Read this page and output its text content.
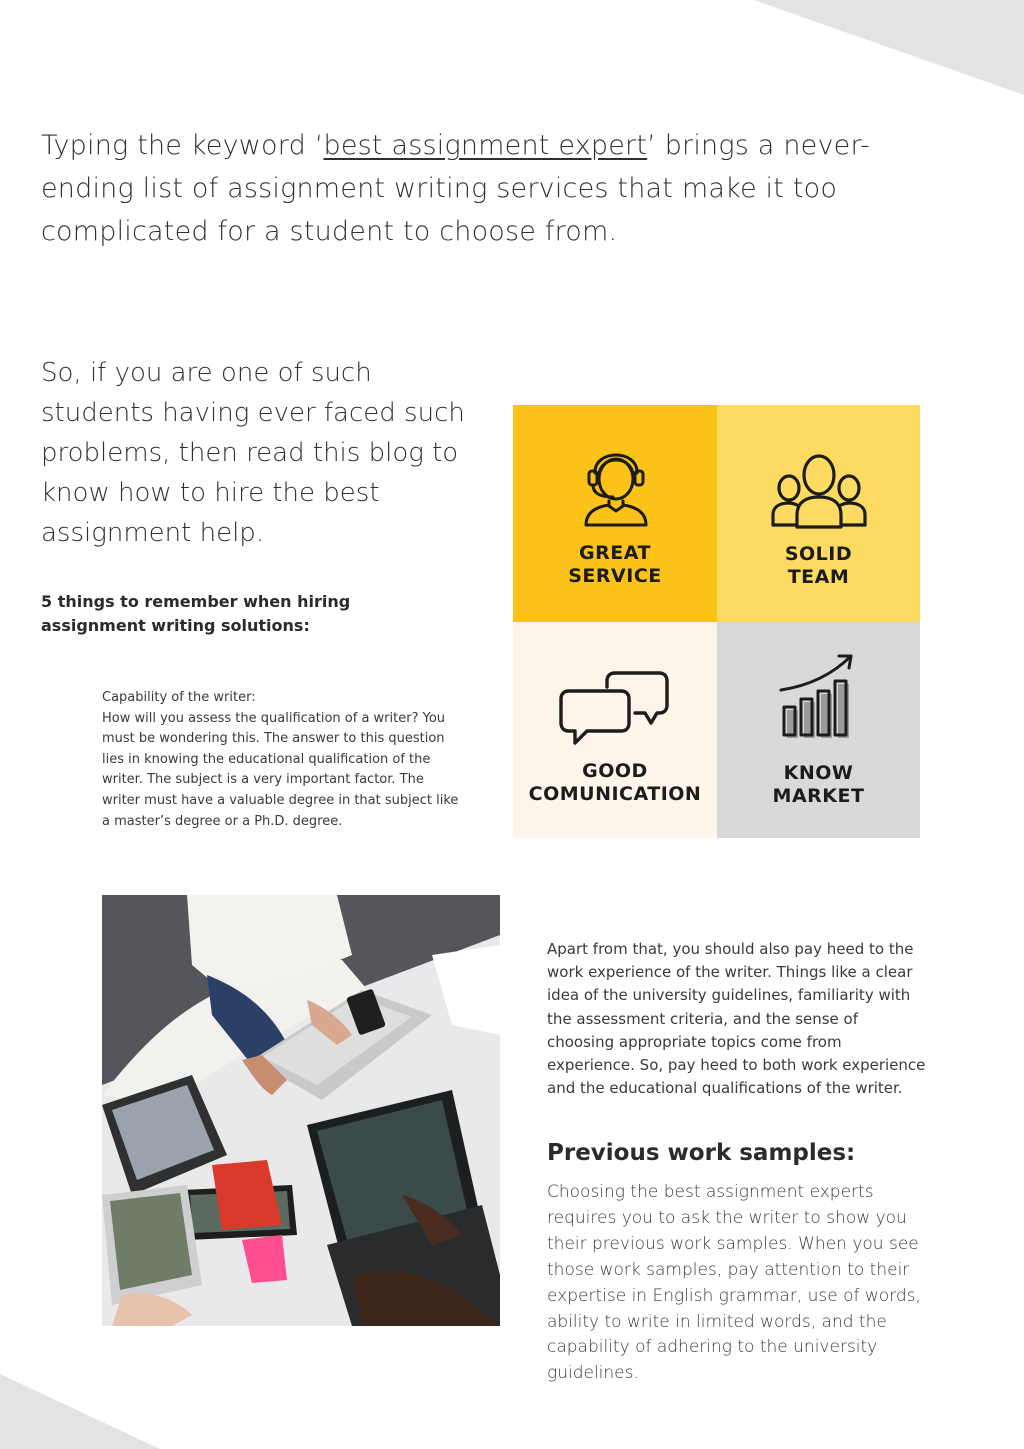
Typing the keyword ‘best assignment expert’ brings a never-ending list of assignment writing services that make it too complicated for a student to choose from.

So, if you are one of such students having ever faced such problems, then read this blog to know how to hire the best assignment help.

5 things to remember when hiring assignment writing solutions:

Capability of the writer:
How will you assess the qualification of a writer? You must be wondering this. The answer to this question lies in knowing the educational qualification of the writer. The subject is a very important factor. The writer must have a valuable degree in that subject like a master’s degree or a Ph.D. degree.
GREAT
SERVICE
SOLID
TEAM
GOOD
COMUNICATION
KNOW
MARKET

Apart from that, you should also pay heed to the work experience of the writer. Things like a clear idea of the university guidelines, familiarity with the assessment criteria, and the sense of choosing appropriate topics come from experience. So, pay heed to both work experience and the educational qualifications of the writer.

Previous work samples:

Choosing the best assignment experts requires you to ask the writer to show you their previous work samples. When you see those work samples, pay attention to their expertise in English grammar, use of words, ability to write in limited words, and the capability of adhering to the university guidelines.
